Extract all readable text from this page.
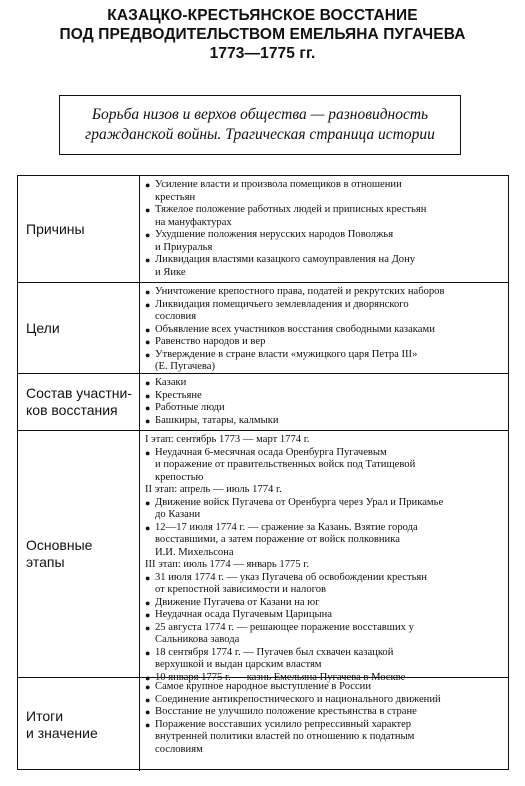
КАЗАЦКО-КРЕСТЬЯНСКОЕ ВОССТАНИЕ
ПОД ПРЕДВОДИТЕЛЬСТВОМ ЕМЕЛЬЯНА ПУГАЧЕВА
1773—1775 гг.
Борьба низов и верхов общества — разновидность
гражданской войны. Трагическая страница истории
Причины
● Усиление власти и произвола помещиков в отношении
крестьян
● Тяжелое положение работных людей и приписных крестьян
на мануфактурах
● Ухудшение положения нерусских народов Поволжья
и Приуралья
● Ликвидация властями казацкого самоуправления на Дону
и Яике
Цели
● Уничтожение крепостного права, податей и рекрутских наборов
● Ликвидация помещичьего землевладения и дворянского
сословия
● Объявление всех участников восстания свободными казаками
● Равенство народов и вер
● Утверждение в стране власти «мужицкого царя Петра III»
(Е. Пугачева)
Состав участни-
ков восстания
● Казаки
● Крестьяне
● Работные люди
● Башкиры, татары, калмыки
Основные
этапы
I этап: сентябрь 1773 — март 1774 г.
● Неудачная 6-месячная осада Оренбурга Пугачевым
и поражение от правительственных войск под Татищевой
крепостью
II этап: апрель — июль 1774 г.
● Движение войск Пугачева от Оренбурга через Урал и Прикамье
до Казани
● 12—17 июля 1774 г. — сражение за Казань. Взятие города
восставшими, а затем поражение от войск полковника
И.И. Михельсона
III этап: июль 1774 — январь 1775 г.
● 31 июля 1774 г. — указ Пугачева об освобождении крестьян
от крепостной зависимости и налогов
● Движение Пугачева от Казани на юг
● Неудачная осада Пугачевым Царицына
● 25 августа 1774 г. — решающее поражение восставших у
Сальникова завода
● 18 сентября 1774 г. — Пугачев был схвачен казацкой
верхушкой и выдан царским властям
● 10 января 1775 г. — казнь Емельяна Пугачева в Москве
Итоги
и значение
● Самое крупное народное выступление в России
● Соединение антикрепостнического и национального движений
● Восстание не улучшило положение крестьянства в стране
● Поражение восставших усилило репрессивный характер
внутренней политики властей по отношению к податным
сословиям
